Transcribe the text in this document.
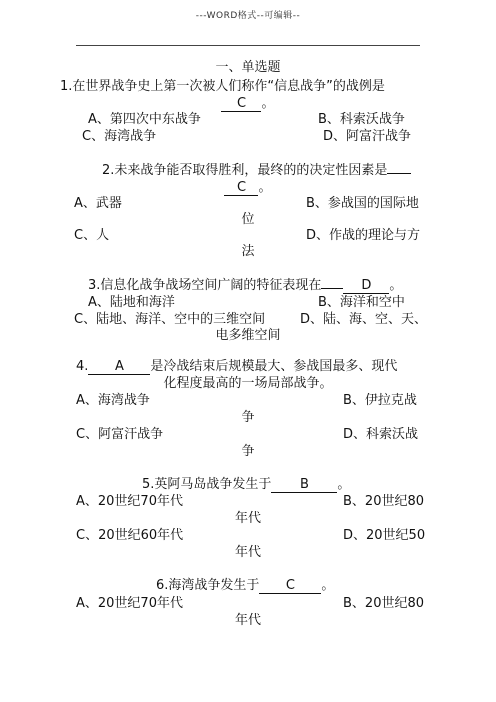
---WORD格式--可编辑--
一、单选题
1.在世界战争史上第一次被人们称作“信息战争”的战例是
C 。
A、第四次中东战争	B、科索沃战争
C、海湾战争	D、阿富汗战争
2.未来战争能否取得胜利，最终的的决定性因素是
C 。
A、武器	B、参战国的国际地
位
C、人	D、作战的理论与方
法
3.信息化战争战场空间广阔的特征表现在	D 。
A、陆地和海洋	B、海洋和空中
C、陆地、海洋、空中的三维空间	D、陆、海、空、天、
电多维空间
4. A 是冷战结束后规模最大、参战国最多、现代
化程度最高的一场局部战争。
A、海湾战争	B、伊拉克战
争
C、阿富汗战争	D、科索沃战
争
5.英阿马岛战争发生于 B 。
A、20世纪70年代	B、20世纪80
年代
C、20世纪60年代	D、20世纪50
年代
6.海湾战争发生于 C 。
A、20世纪70年代	B、20世纪80
年代
